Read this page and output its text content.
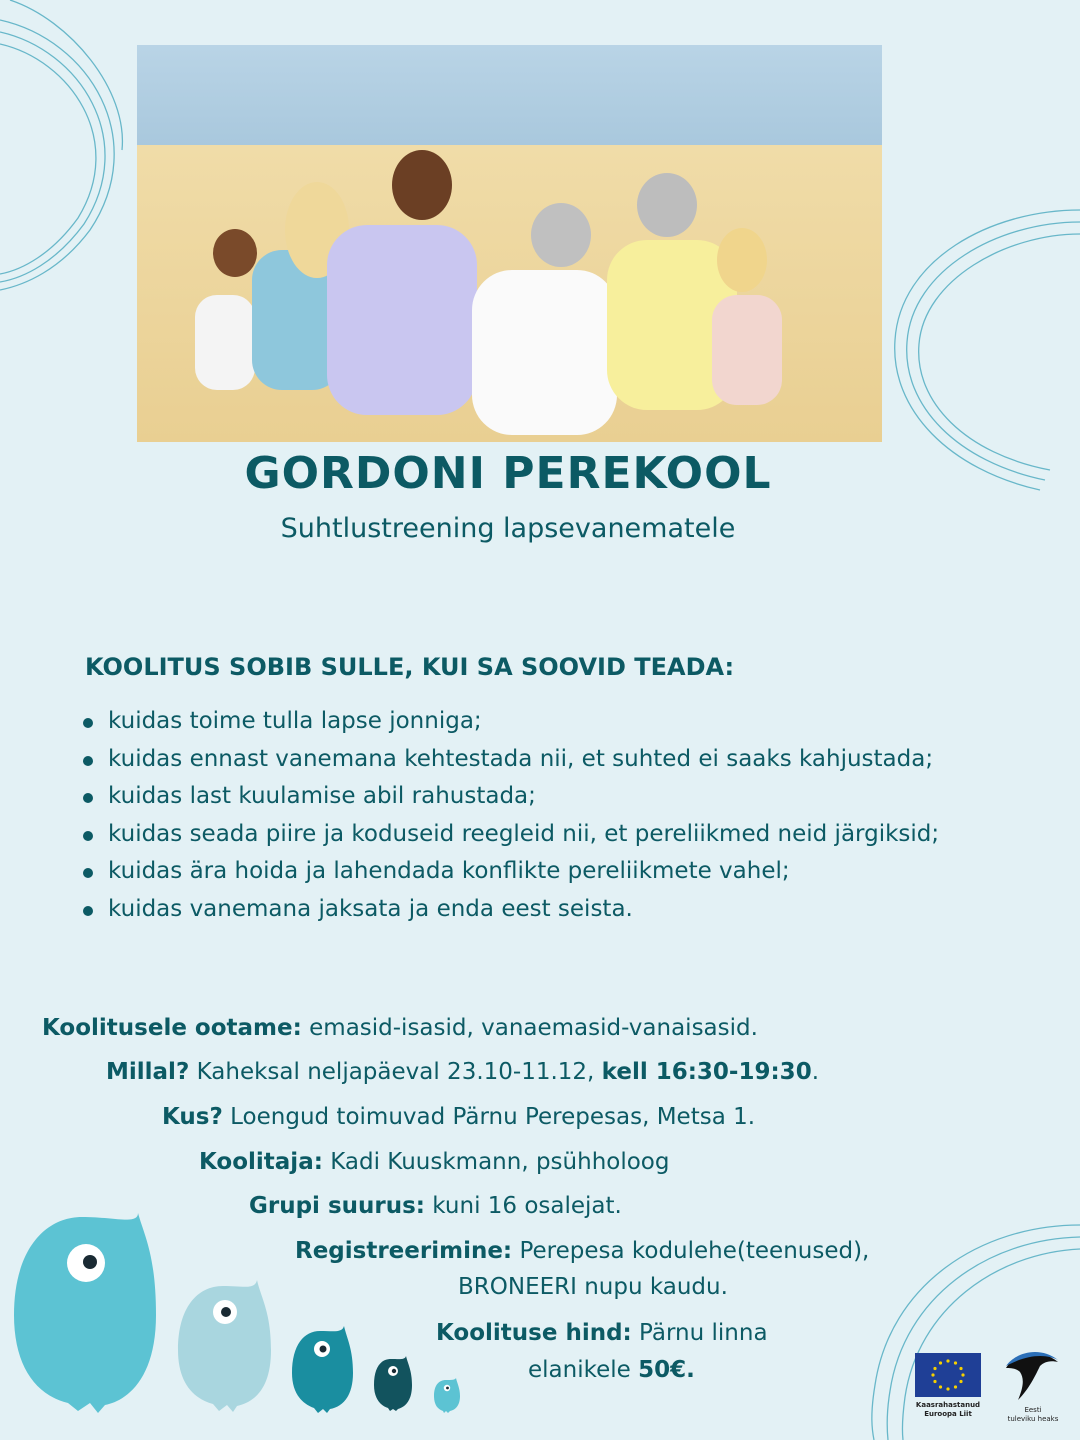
GORDONI PEREKOOL
Suhtlustreening lapsevanematele
KOOLITUS SOBIB SULLE, KUI SA SOOVID TEADA:
kuidas toime tulla lapse jonniga;
kuidas ennast vanemana kehtestada nii, et suhted ei saaks kahjustada;
kuidas last kuulamise abil rahustada;
kuidas seada piire ja koduseid reegleid nii, et pereliikmed neid järgiksid;
kuidas ära hoida ja lahendada konflikte pereliikmete vahel;
kuidas vanemana jaksata ja enda eest seista.
Koolitusele ootame: emasid-isasid, vanaemasid-vanaisasid.
Millal? Kaheksal neljapäeval 23.10-11.12, kell 16:30-19:30.
Kus? Loengud toimuvad Pärnu Perepesas, Metsa 1.
Koolitaja: Kadi Kuuskmann, psühholoog
Grupi suurus: kuni 16 osalejat.
Registreerimine: Perepesa kodulehe(teenused),
BRONEERI nupu kaudu.
Koolituse hind: Pärnu linna
elanikele 50€.
Kaasrahastanud
Euroopa Liit	Eesti
tuleviku heaks
